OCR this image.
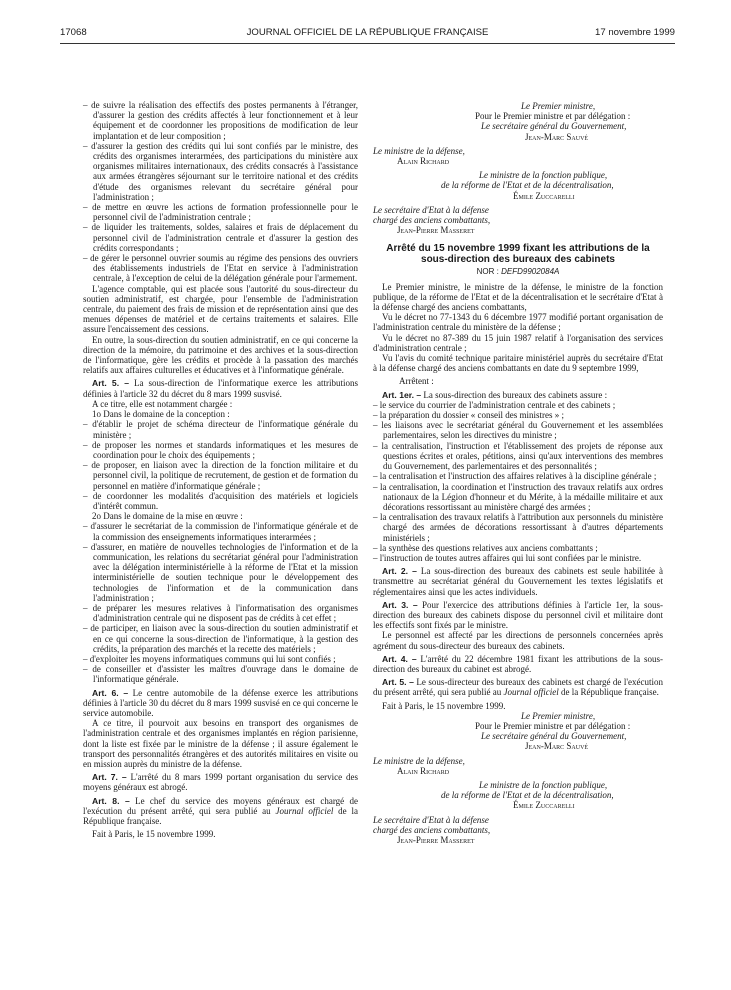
17068	JOURNAL OFFICIEL DE LA RÉPUBLIQUE FRANÇAISE	17 novembre 1999

– de suivre la réalisation des effectifs des postes permanents à l'étranger, d'assurer la gestion des crédits affectés à leur fonctionnement et à leur équipement et de coordonner les propositions de modification de leur implantation et de leur composition ;

– d'assurer la gestion des crédits qui lui sont confiés par le ministre, des crédits des organismes interarmées, des participations du ministère aux organismes militaires internationaux, des crédits consacrés à l'assistance aux armées étrangères séjournant sur le territoire national et des crédits d'étude des organismes relevant du secrétaire général pour l'administration ;

– de mettre en œuvre les actions de formation professionnelle pour le personnel civil de l'administration centrale ;

– de liquider les traitements, soldes, salaires et frais de déplacement du personnel civil de l'administration centrale et d'assurer la gestion des crédits correspondants ;

– de gérer le personnel ouvrier soumis au régime des pensions des ouvriers des établissements industriels de l'Etat en service à l'administration centrale, à l'exception de celui de la délégation générale pour l'armement.

L'agence comptable, qui est placée sous l'autorité du sous-directeur du soutien administratif, est chargée, pour l'ensemble de l'administration centrale, du paiement des frais de mission et de représentation ainsi que des menues dépenses de matériel et de certains traitements et salaires. Elle assure l'encaissement des cessions.

En outre, la sous-direction du soutien administratif, en ce qui concerne la direction de la mémoire, du patrimoine et des archives et la sous-direction de l'informatique, gère les crédits et procède à la passation des marchés relatifs aux affaires culturelles et éducatives et à l'informatique générale.

Art. 5. – La sous-direction de l'informatique exerce les attributions définies à l'article 32 du décret du 8 mars 1999 susvisé.

A ce titre, elle est notamment chargée :

1o Dans le domaine de la conception :

– d'établir le projet de schéma directeur de l'informatique générale du ministère ;

– de proposer les normes et standards informatiques et les mesures de coordination pour le choix des équipements ;

– de proposer, en liaison avec la direction de la fonction militaire et du personnel civil, la politique de recrutement, de gestion et de formation du personnel en matière d'informatique générale ;

– de coordonner les modalités d'acquisition des matériels et logiciels d'intérêt commun.

2o Dans le domaine de la mise en œuvre :

– d'assurer le secrétariat de la commission de l'informatique générale et de la commission des enseignements informatiques interarmées ;

– d'assurer, en matière de nouvelles technologies de l'information et de la communication, les relations du secrétariat général pour l'administration avec la délégation interministérielle à la réforme de l'Etat et la mission interministérielle de soutien technique pour le développement des technologies de l'information et de la communication dans l'administration ;

– de préparer les mesures relatives à l'informatisation des organismes d'administration centrale qui ne disposent pas de crédits à cet effet ;

– de participer, en liaison avec la sous-direction du soutien administratif et en ce qui concerne la sous-direction de l'informatique, à la gestion des crédits, la préparation des marchés et la recette des matériels ;

– d'exploiter les moyens informatiques communs qui lui sont confiés ;

– de conseiller et d'assister les maîtres d'ouvrage dans le domaine de l'informatique générale.

Art. 6. – Le centre automobile de la défense exerce les attributions définies à l'article 30 du décret du 8 mars 1999 susvisé en ce qui concerne le service automobile.

A ce titre, il pourvoit aux besoins en transport des organismes de l'administration centrale et des organismes implantés en région parisienne, dont la liste est fixée par le ministre de la défense ; il assure également le transport des personnalités étrangères et des autorités militaires en visite ou en mission auprès du ministre de la défense.

Art. 7. – L'arrêté du 8 mars 1999 portant organisation du service des moyens généraux est abrogé.

Art. 8. – Le chef du service des moyens généraux est chargé de l'exécution du présent arrêté, qui sera publié au Journal officiel de la République française.

Fait à Paris, le 15 novembre 1999.

Le Premier ministre,

Pour le Premier ministre et par délégation :

Le secrétaire général du Gouvernement,

Jean-Marc Sauvé

Le ministre de la défense,

Alain Richard

Le ministre de la fonction publique,

de la réforme de l'Etat et de la décentralisation,

Émile Zuccarelli

Le secrétaire d'Etat à la défense

chargé des anciens combattants,

Jean-Pierre Masseret

Arrêté du 15 novembre 1999 fixant les attributions de la sous-direction des bureaux des cabinets

NOR : DEFD9902084A

Le Premier ministre, le ministre de la défense, le ministre de la fonction publique, de la réforme de l'Etat et de la décentralisation et le secrétaire d'Etat à la défense chargé des anciens combattants,

Vu le décret no 77-1343 du 6 décembre 1977 modifié portant organisation de l'administration centrale du ministère de la défense ;

Vu le décret no 87-389 du 15 juin 1987 relatif à l'organisation des services d'administration centrale ;

Vu l'avis du comité technique paritaire ministériel auprès du secrétaire d'Etat à la défense chargé des anciens combattants en date du 9 septembre 1999,

Arrêtent :

Art. 1er. – La sous-direction des bureaux des cabinets assure :

– le service du courrier de l'administration centrale et des cabinets ;

– la préparation du dossier « conseil des ministres » ;

– les liaisons avec le secrétariat général du Gouvernement et les assemblées parlementaires, selon les directives du ministre ;

– la centralisation, l'instruction et l'établissement des projets de réponse aux questions écrites et orales, pétitions, ainsi qu'aux interventions des membres du Gouvernement, des parlementaires et des personnalités ;

– la centralisation et l'instruction des affaires relatives à la discipline générale ;

– la centralisation, la coordination et l'instruction des travaux relatifs aux ordres nationaux de la Légion d'honneur et du Mérite, à la médaille militaire et aux décorations ressortissant au ministère chargé des armées ;

– la centralisation des travaux relatifs à l'attribution aux personnels du ministère chargé des armées de décorations ressortissant à d'autres départements ministériels ;

– la synthèse des questions relatives aux anciens combattants ;

– l'instruction de toutes autres affaires qui lui sont confiées par le ministre.

Art. 2. – La sous-direction des bureaux des cabinets est seule habilitée à transmettre au secrétariat général du Gouvernement les textes législatifs et réglementaires ainsi que les actes individuels.

Art. 3. – Pour l'exercice des attributions définies à l'article 1er, la sous-direction des bureaux des cabinets dispose du personnel civil et militaire dont les effectifs sont fixés par le ministre.

Le personnel est affecté par les directions de personnels concernées après agrément du sous-directeur des bureaux des cabinets.

Art. 4. – L'arrêté du 22 décembre 1981 fixant les attributions de la sous-direction des bureaux du cabinet est abrogé.

Art. 5. – Le sous-directeur des bureaux des cabinets est chargé de l'exécution du présent arrêté, qui sera publié au Journal officiel de la République française.

Fait à Paris, le 15 novembre 1999.

Le Premier ministre,

Pour le Premier ministre et par délégation :

Le secrétaire général du Gouvernement,

Jean-Marc Sauvé

Le ministre de la défense,

Alain Richard

Le ministre de la fonction publique,

de la réforme de l'Etat et de la décentralisation,

Émile Zuccarelli

Le secrétaire d'Etat à la défense

chargé des anciens combattants,

Jean-Pierre Masseret
